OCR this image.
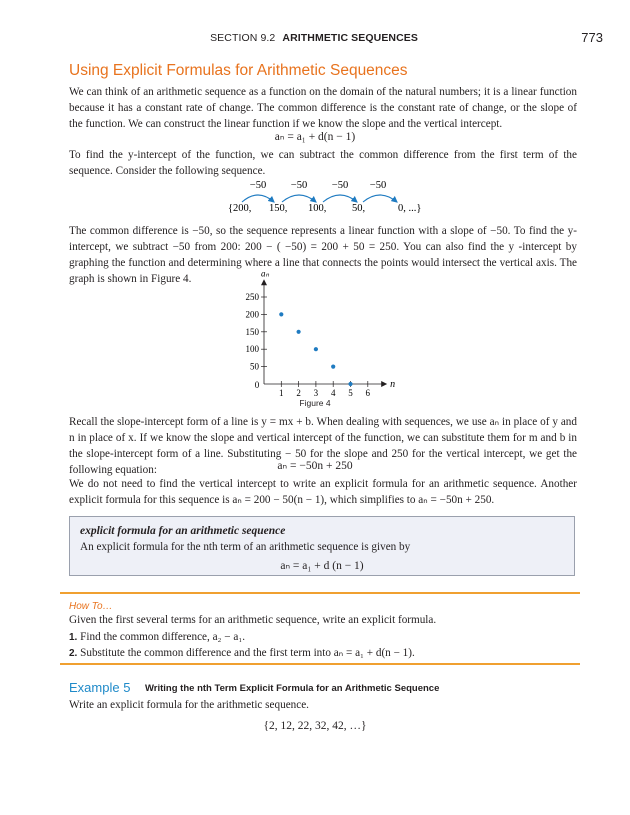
SECTION 9.2 ARITHMETIC SEQUENCES	773
Using Explicit Formulas for Arithmetic Sequences

We can think of an arithmetic sequence as a function on the domain of the natural numbers; it is a linear function because it has a constant rate of change. The common difference is the constant rate of change, or the slope of the function. We can construct the linear function if we know the slope and the vertical intercept.

aₙ = a₁ + d(n − 1)

To find the y-intercept of the function, we can subtract the common difference from the first term of the sequence. Consider the following sequence.

−50 −50 −50 −50
{200, 150, 100, 50,	0, ...}

The common difference is −50, so the sequence represents a linear function with a slope of −50. To find the y-intercept, we subtract −50 from 200: 200 − ( −50) = 200 + 50 = 250. You can also find the y -intercept by graphing the function and determining where a line that connects the points would intersect the vertical axis. The graph is shown in Figure 4.

n
aₙ
0
1 2 3 4 5 6
50
100
150
200
250
Figure 4

Recall the slope-intercept form of a line is y = mx + b. When dealing with sequences, we use aₙ in place of y and n in place of x. If we know the slope and vertical intercept of the function, we can substitute them for m and b in the slope-intercept form of a line. Substituting − 50 for the slope and 250 for the vertical intercept, we get the following equation:	aₙ = −50n + 250

We do not need to find the vertical intercept to write an explicit formula for an arithmetic sequence. Another explicit formula for this sequence is aₙ = 200 − 50(n − 1), which simplifies to aₙ = −50n + 250.

explicit formula for an arithmetic sequence
An explicit formula for the nth term of an arithmetic sequence is given by
aₙ = a₁ + d (n − 1)
How To…
Given the first several terms for an arithmetic sequence, write an explicit formula.
1. Find the common difference, a₂ − a₁.
2. Substitute the common difference and the first term into aₙ = a₁ + d(n − 1).
Example 5 Writing the nth Term Explicit Formula for an Arithmetic Sequence
Write an explicit formula for the arithmetic sequence.
{2, 12, 22, 32, 42, …}
